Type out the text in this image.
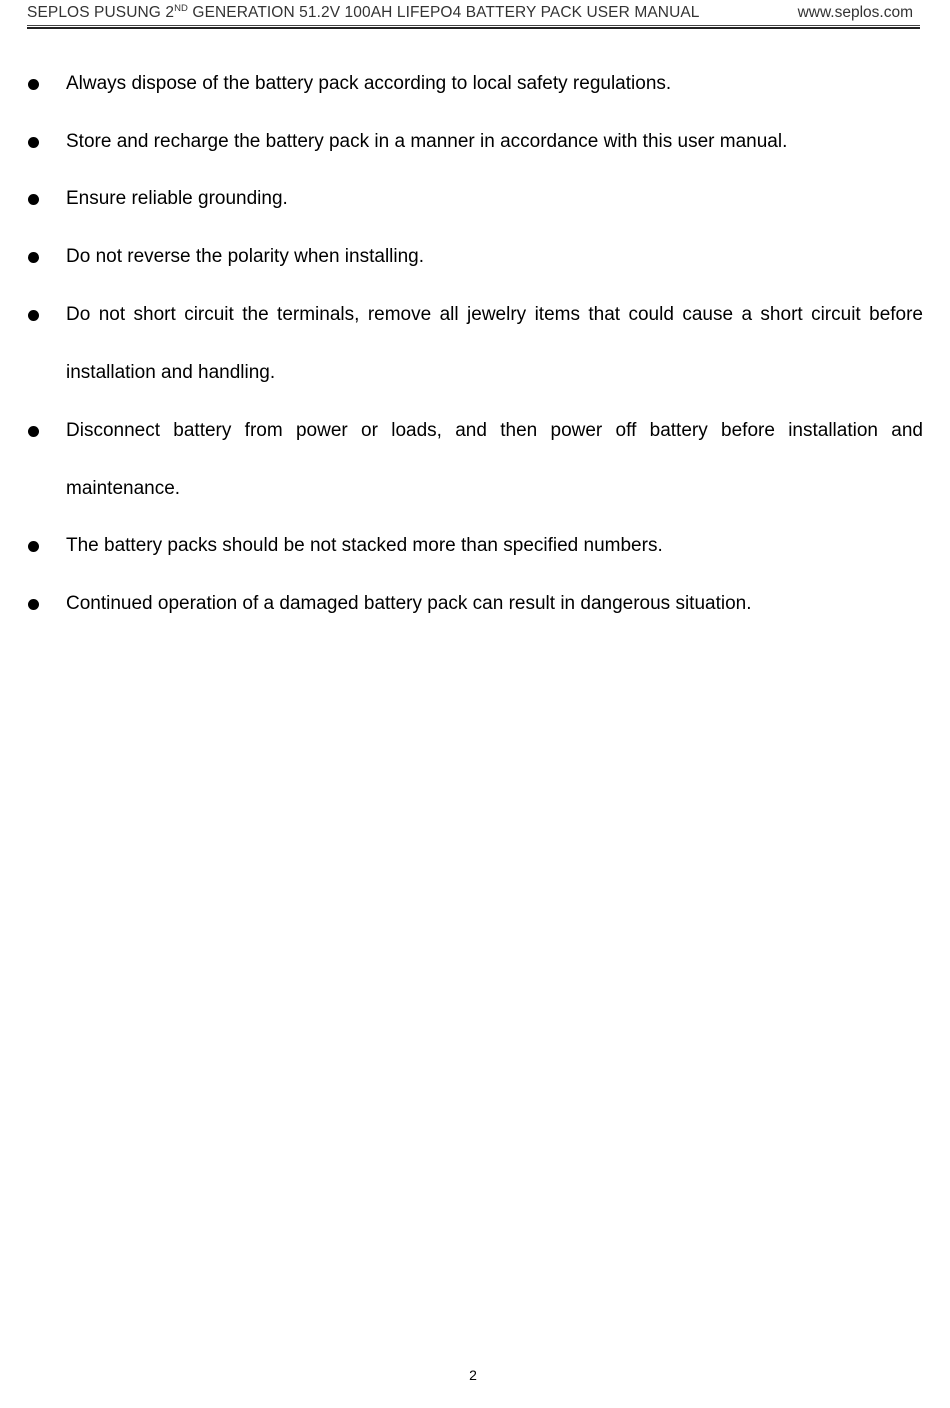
SEPLOS PUSUNG 2ND GENERATION 51.2V 100AH LIFEPO4 BATTERY PACK USER MANUAL	www.seplos.com
Always dispose of the battery pack according to local safety regulations.
Store and recharge the battery pack in a manner in accordance with this user manual.
Ensure reliable grounding.
Do not reverse the polarity when installing.
Do not short circuit the terminals, remove all jewelry items that could cause a short circuit before installation and handling.
Disconnect battery from power or loads, and then power off battery before installation and maintenance.
The battery packs should be not stacked more than specified numbers.
Continued operation of a damaged battery pack can result in dangerous situation.
2
